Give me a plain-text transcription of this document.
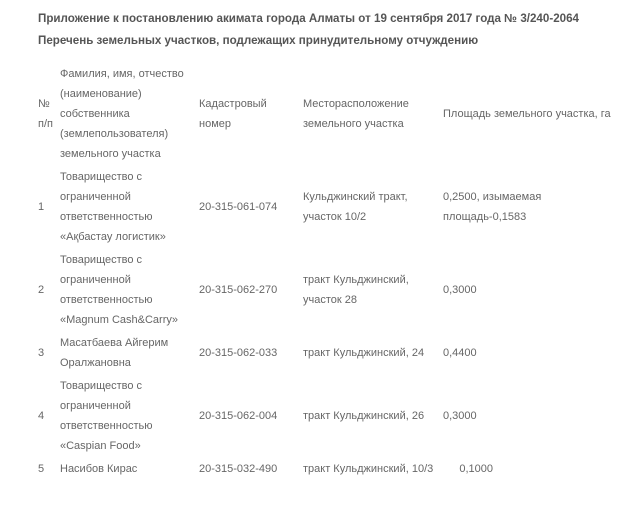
Приложение к постановлению акимата города Алматы от 19 сентября 2017 года № 3/240-2064
Перечень земельных участков, подлежащих принудительному отчуждению
№ п/п	Фамилия, имя, отчество (наименование) собственника (землепользователя) земельного участка	Кадастровый номер	Месторасположение земельного участка	Площадь земельного участка, га
1	Товарищество с ограниченной ответственностью «Ақбастау логистик»	20-315-061-074	Кульджинский тракт, участок 10/2	0,2500, изымаемая площадь-0,1583
2	Товарищество с ограниченной ответственностью «Magnum Cash&Carry»	20-315-062-270	тракт Кульджинский, участок 28	0,3000
3	Масатбаева Айгерим Оралжановна	20-315-062-033	тракт Кульджинский, 24	0,4400
4	Товарищество с ограниченной ответственностью «Caspian Food»	20-315-062-004	тракт Кульджинский, 26	0,3000
5	Насибов Кирас	20-315-032-490	тракт Кульджинский, 10/3	0,1000
